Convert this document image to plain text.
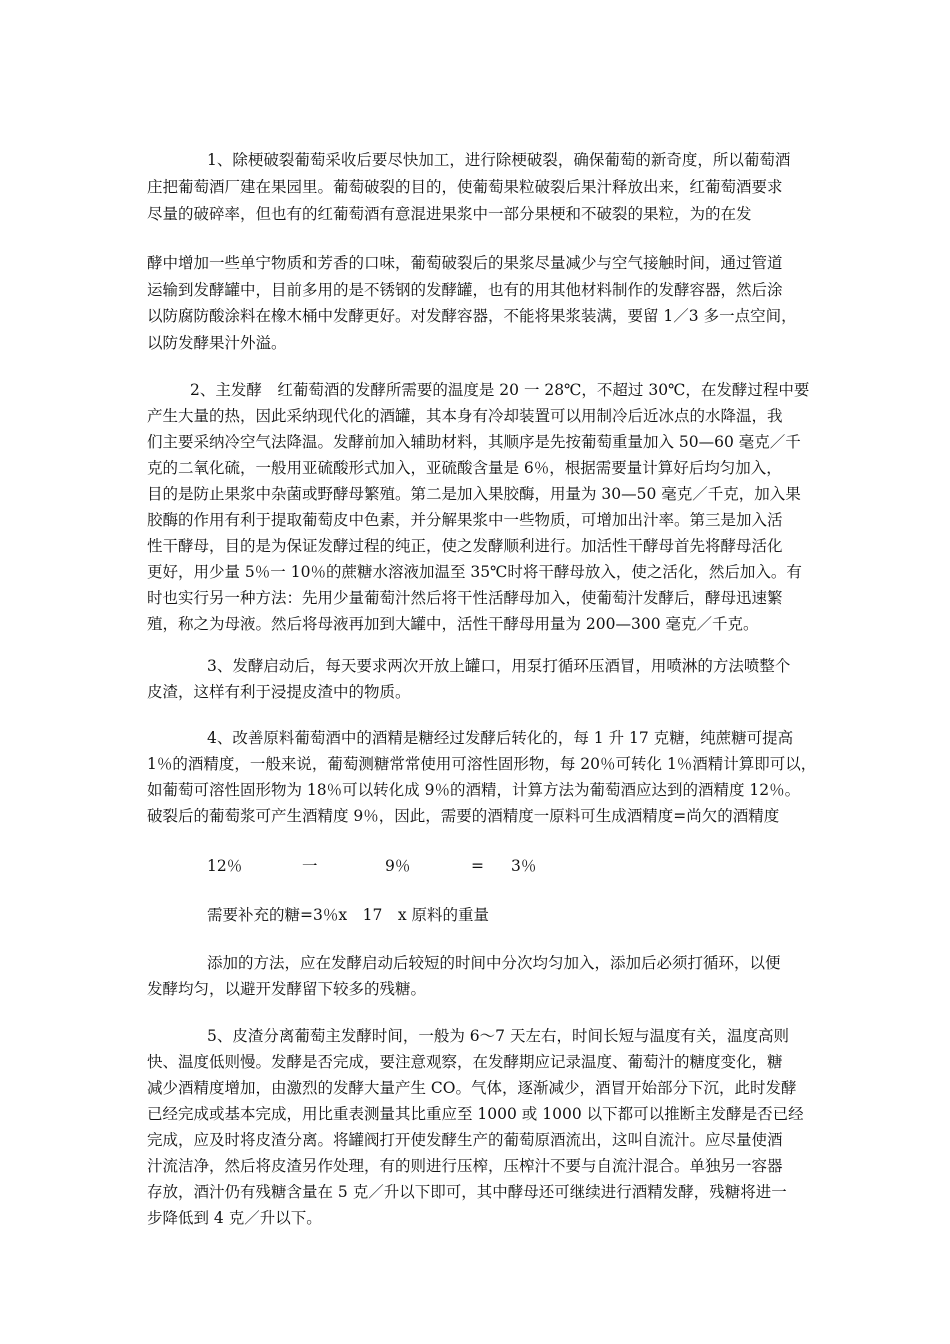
1、除梗破裂葡萄采收后要尽快加工，进行除梗破裂，确保葡萄的新奇度，所以葡萄酒
庄把葡萄酒厂建在果园里。葡萄破裂的目的，使葡萄果粒破裂后果汁释放出来，红葡萄酒要求
尽量的破碎率，但也有的红葡萄酒有意混进果浆中一部分果梗和不破裂的果粒，为的在发
酵中增加一些单宁物质和芳香的口味，葡萄破裂后的果浆尽量减少与空气接触时间，通过管道
运输到发酵罐中，目前多用的是不锈钢的发酵罐，也有的用其他材料制作的发酵容器，然后涂
以防腐防酸涂料在橡木桶中发酵更好。对发酵容器，不能将果浆装满，要留 1／3 多一点空间，
以防发酵果汁外溢。
2、主发酵　红葡萄酒的发酵所需要的温度是 20 一 28℃，不超过 30℃，在发酵过程中要
产生大量的热，因此采纳现代化的酒罐，其本身有冷却装置可以用制冷后近冰点的水降温，我
们主要采纳冷空气法降温。发酵前加入辅助材料，其顺序是先按葡萄重量加入 50—60 毫克／千
克的二氧化硫，一般用亚硫酸形式加入，亚硫酸含量是 6％，根据需要量计算好后均匀加入，
目的是防止果浆中杂菌或野酵母繁殖。第二是加入果胶酶，用量为 30—50 毫克／千克，加入果
胶酶的作用有利于提取葡萄皮中色素，并分解果浆中一些物质，可增加出汁率。第三是加入活
性干酵母，目的是为保证发酵过程的纯正，使之发酵顺利进行。加活性干酵母首先将酵母活化
更好，用少量 5％一 10％的蔗糖水溶液加温至 35℃时将干酵母放入，使之活化，然后加入。有
时也实行另一种方法：先用少量葡萄汁然后将干性活酵母加入，使葡萄汁发酵后，酵母迅速繁
殖，称之为母液。然后将母液再加到大罐中，活性干酵母用量为 200—300 毫克／千克。
3、发酵启动后，每天要求两次开放上罐口，用泵打循环压酒冒，用喷淋的方法喷整个
皮渣，这样有利于浸提皮渣中的物质。
4、改善原料葡萄酒中的酒精是糖经过发酵后转化的，每 1 升 17 克糖，纯蔗糖可提高
1％的酒精度，一般来说，葡萄测糖常常使用可溶性固形物，每 20％可转化 1％酒精计算即可以，
如葡萄可溶性固形物为 18％可以转化成 9％的酒精，计算方法为葡萄酒应达到的酒精度 12％。
破裂后的葡萄浆可产生酒精度 9％，因此，需要的酒精度一原料可生成酒精度=尚欠的酒精度
12％	一	9％	= 3％
需要补充的糖=3％x　17　x 原料的重量
添加的方法，应在发酵启动后较短的时间中分次均匀加入，添加后必须打循环，以便
发酵均匀，以避开发酵留下较多的残糖。
5、皮渣分离葡萄主发酵时间，一般为 6～7 天左右，时间长短与温度有关，温度高则
快、温度低则慢。发酵是否完成，要注意观察，在发酵期应记录温度、葡萄汁的糖度变化，糖
减少酒精度增加，由激烈的发酵大量产生 CO。气体，逐渐减少，酒冒开始部分下沉，此时发酵
已经完成或基本完成，用比重表测量其比重应至 1000 或 1000 以下都可以推断主发酵是否已经
完成，应及时将皮渣分离。将罐阀打开使发酵生产的葡萄原酒流出，这叫自流汁。应尽量使酒
汁流洁净，然后将皮渣另作处理，有的则进行压榨，压榨汁不要与自流汁混合。单独另一容器
存放，酒汁仍有残糖含量在 5 克／升以下即可，其中酵母还可继续进行酒精发酵，残糖将进一
步降低到 4 克／升以下。
